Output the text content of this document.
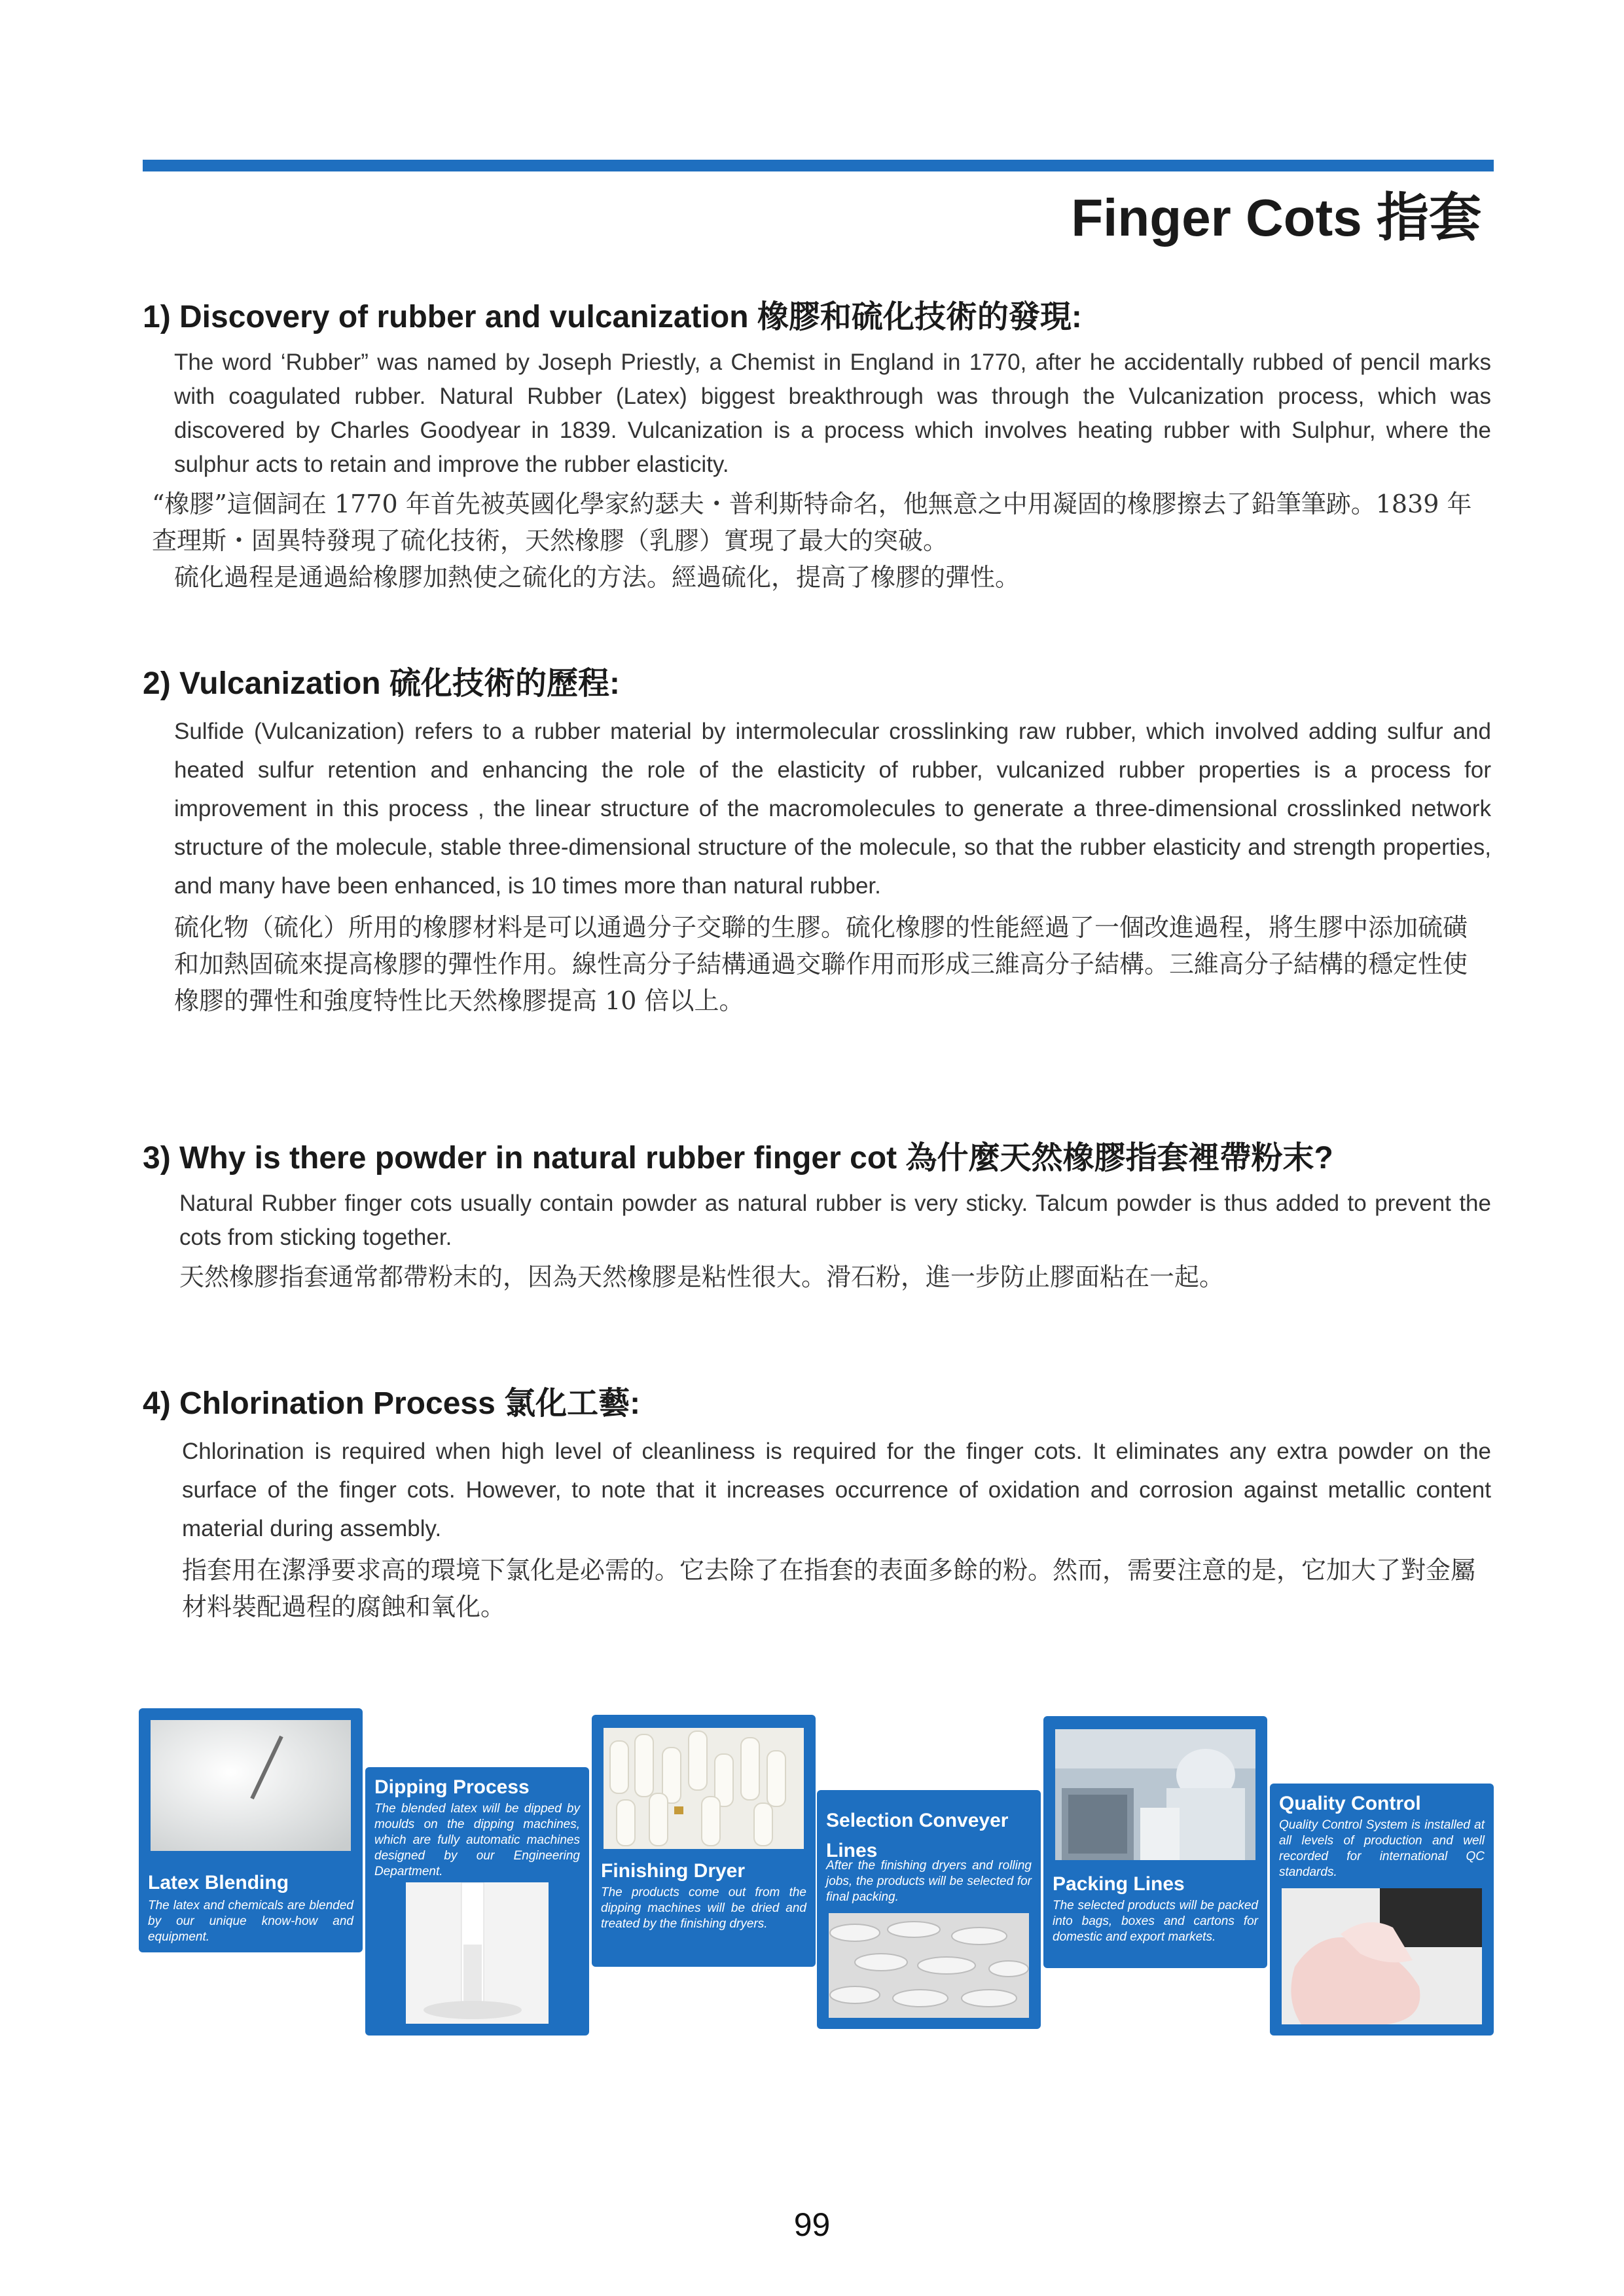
Finger Cots 指套
1) Discovery of rubber and vulcanization 橡膠和硫化技術的發現:

The word ‘Rubber” was named by Joseph Priestly, a Chemist in England in 1770, after he accidentally rubbed of pencil marks with coagulated rubber. Natural Rubber (Latex) biggest breakthrough was through the Vulcanization process, which was discovered by Charles Goodyear in 1839. Vulcanization is a process which involves heating rubber with Sulphur, where the sulphur acts to retain and improve the rubber elasticity.

“橡膠”這個詞在 1770 年首先被英國化學家約瑟夫・普利斯特命名，他無意之中用凝固的橡膠擦去了鉛筆筆跡。1839 年查理斯・固異特發現了硫化技術，天然橡膠（乳膠）實現了最大的突破。

硫化過程是通過給橡膠加熱使之硫化的方法。經過硫化，提高了橡膠的彈性。

2) Vulcanization 硫化技術的歷程:

Sulfide (Vulcanization) refers to a rubber material by intermolecular crosslinking raw rubber, which involved adding sulfur and heated sulfur retention and enhancing the role of the elasticity of rubber, vulcanized rubber properties is a process for improvement in this process , the linear structure of the macromolecules to generate a three-dimensional crosslinked network structure of the molecule, stable three-dimensional structure of the molecule, so that the rubber elasticity and strength properties, and many have been enhanced, is 10 times more than natural rubber.

硫化物（硫化）所用的橡膠材料是可以通過分子交聯的生膠。硫化橡膠的性能經過了一個改進過程，將生膠中添加硫磺和加熱固硫來提高橡膠的彈性作用。線性高分子結構通過交聯作用而形成三維高分子結構。三維高分子結構的穩定性使橡膠的彈性和強度特性比天然橡膠提高 10 倍以上。

3) Why is there powder in natural rubber finger cot 為什麼天然橡膠指套裡帶粉末?

Natural Rubber finger cots usually contain powder as natural rubber is very sticky. Talcum powder is thus added to prevent the cots from sticking together.

天然橡膠指套通常都帶粉末的，因為天然橡膠是粘性很大。滑石粉，進一步防止膠面粘在一起。

4) Chlorination Process 氯化工藝:

Chlorination is required when high level of cleanliness is required for the finger cots. It eliminates any extra powder on the surface of the finger cots. However, to note that it increases occurrence of oxidation and corrosion against metallic content material during assembly.

指套用在潔淨要求高的環境下氯化是必需的。它去除了在指套的表面多餘的粉。然而，需要注意的是，它加大了對金屬材料裝配過程的腐蝕和氧化。

Latex Blending
The latex and chemicals are blended by our unique know-how and equipment.
Dipping Process
The blended latex will be dipped by moulds on the dipping machines, which are fully automatic machines designed by our Engineering Department.	Finishing Dryer
The products come out from the dipping machines will be dried and treated by the finishing dryers.
Selection Conveyer Lines
After the finishing dryers and rolling jobs, the products will be selected for final packing.
Packing Lines
The selected products will be packed into bags, boxes and cartons for domestic and export markets.
Quality Control
Quality Control System is installed at all levels of production and well recorded for international QC standards.
99
